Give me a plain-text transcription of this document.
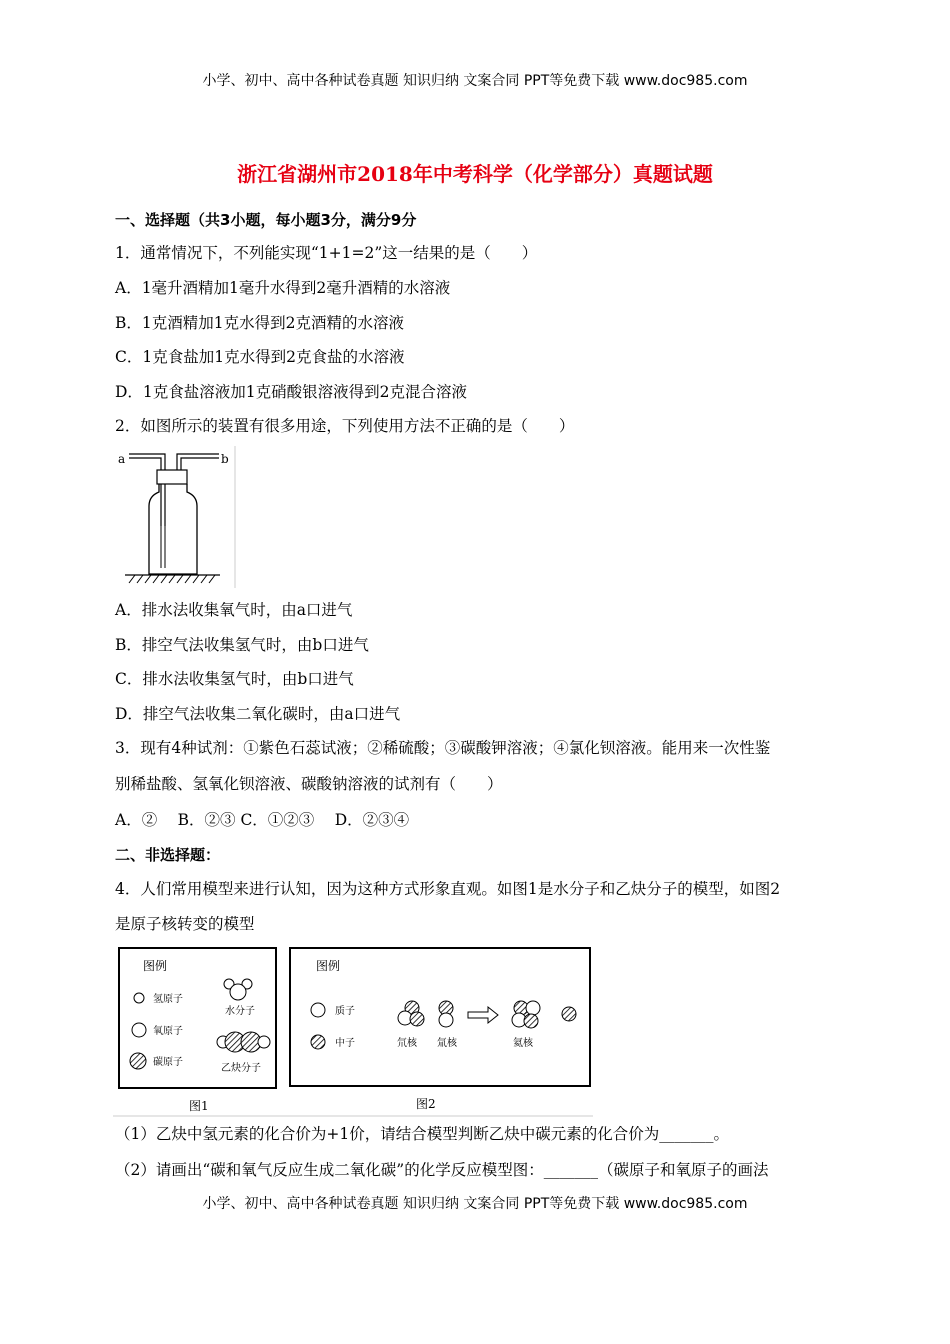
小学、初中、高中各种试卷真题 知识归纳 文案合同 PPT等免费下载 www.doc985.com
浙江省湖州市2018年中考科学（化学部分）真题试题
一、选择题（共3小题，每小题3分，满分9分
1．通常情况下，不列能实现“1+1=2”这一结果的是（　　）
A．1毫升酒精加1毫升水得到2毫升酒精的水溶液
B．1克酒精加1克水得到2克酒精的水溶液
C．1克食盐加1克水得到2克食盐的水溶液
D．1克食盐溶液加1克硝酸银溶液得到2克混合溶液
2．如图所示的装置有很多用途，下列使用方法不正确的是（　　）
a	b
A．排水法收集氧气时，由a口进气
B．排空气法收集氢气时，由b口进气
C．排水法收集氢气时，由b口进气
D．排空气法收集二氧化碳时，由a口进气
3．现有4种试剂：①紫色石蕊试液；②稀硫酸；③碳酸钾溶液；④氯化钡溶液。能用来一次性鉴
别稀盐酸、氢氧化钡溶液、碳酸钠溶液的试剂有（　　）
A．②　 B．②③ C．①②③　 D．②③④
二、非选择题：
4．人们常用模型来进行认知，因为这种方式形象直观。如图1是水分子和乙炔分子的模型，如图2
是原子核转变的模型
图例
氢原子
氧原子
碳原子
水分子
乙炔分子
图1
图例
质子
中子	氘核 氚核	氦核
图2
（1）乙炔中氢元素的化合价为+1价，请结合模型判断乙炔中碳元素的化合价为_______。
（2）请画出“碳和氧气反应生成二氧化碳”的化学反应模型图：_______（碳原子和氧原子的画法
小学、初中、高中各种试卷真题 知识归纳 文案合同 PPT等免费下载 www.doc985.com
